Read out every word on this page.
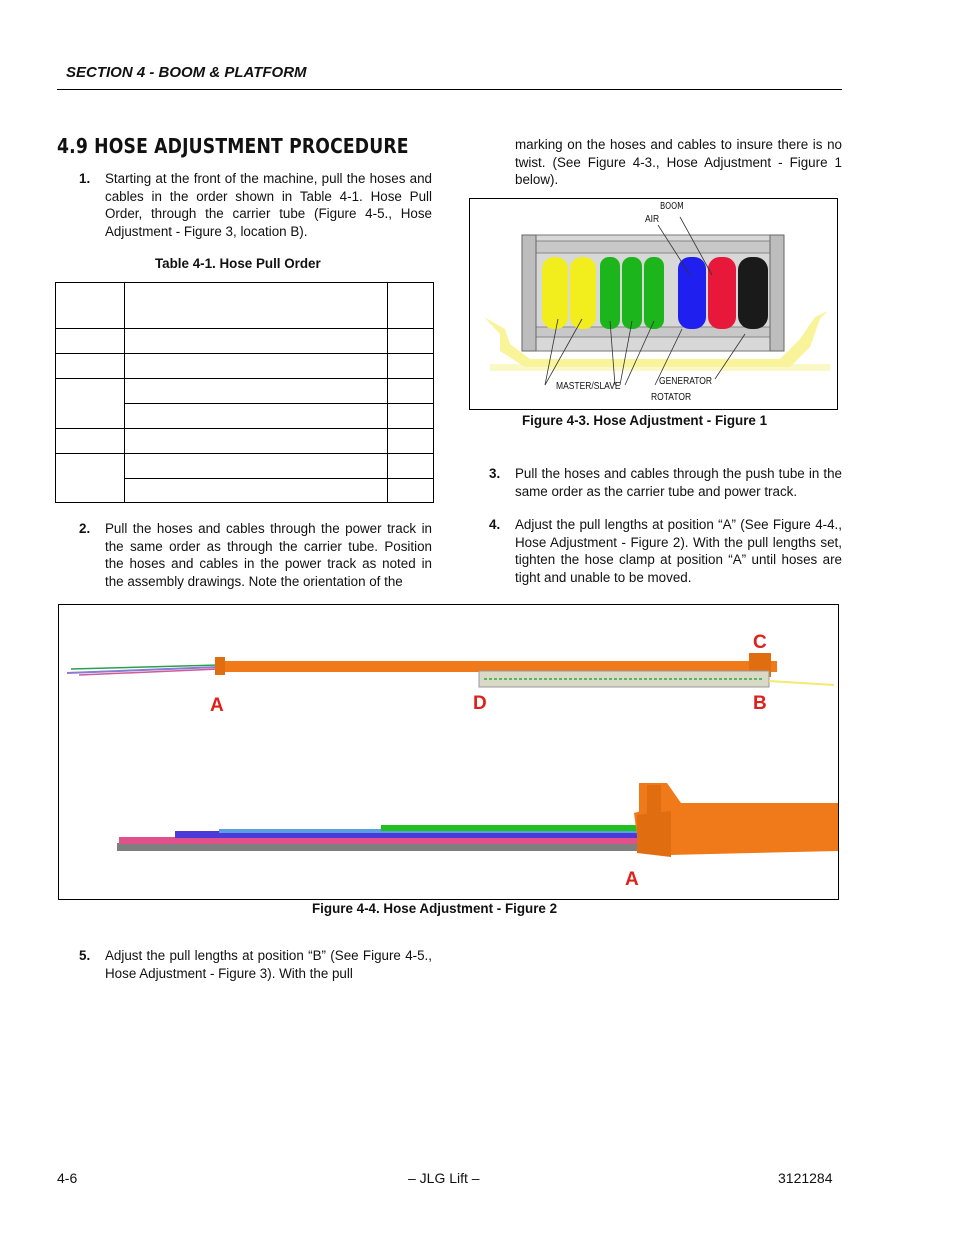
SECTION 4 - BOOM & PLATFORM
4.9 HOSE ADJUSTMENT PROCEDURE
1. Starting at the front of the machine, pull the hoses and cables in the order shown in Table 4-1. Hose Pull Order, through the carrier tube (Figure 4-5., Hose Adjustment - Figure 3, location B).
Table 4-1. Hose Pull Order

2. Pull the hoses and cables through the power track in the same order as through the carrier tube. Position the hoses and cables in the power track as noted in the assembly drawings. Note the orientation of the
marking on the hoses and cables to insure there is no twist. (See Figure 4-3., Hose Adjustment - Figure 1 below).
BOOM
AIR
MASTER/SLAVE	GENERATOR
ROTATOR
Figure 4-3. Hose Adjustment - Figure 1
3. Pull the hoses and cables through the push tube in the same order as the carrier tube and power track.
4. Adjust the pull lengths at position “A” (See Figure 4-4., Hose Adjustment - Figure 2). With the pull lengths set, tighten the hose clamp at position “A” until hoses are tight and unable to be moved.
A	D	B
C
A
Figure 4-4. Hose Adjustment - Figure 2
5. Adjust the pull lengths at position “B” (See Figure 4-5., Hose Adjustment - Figure 3). With the pull
4-6	– JLG Lift –	3121284
